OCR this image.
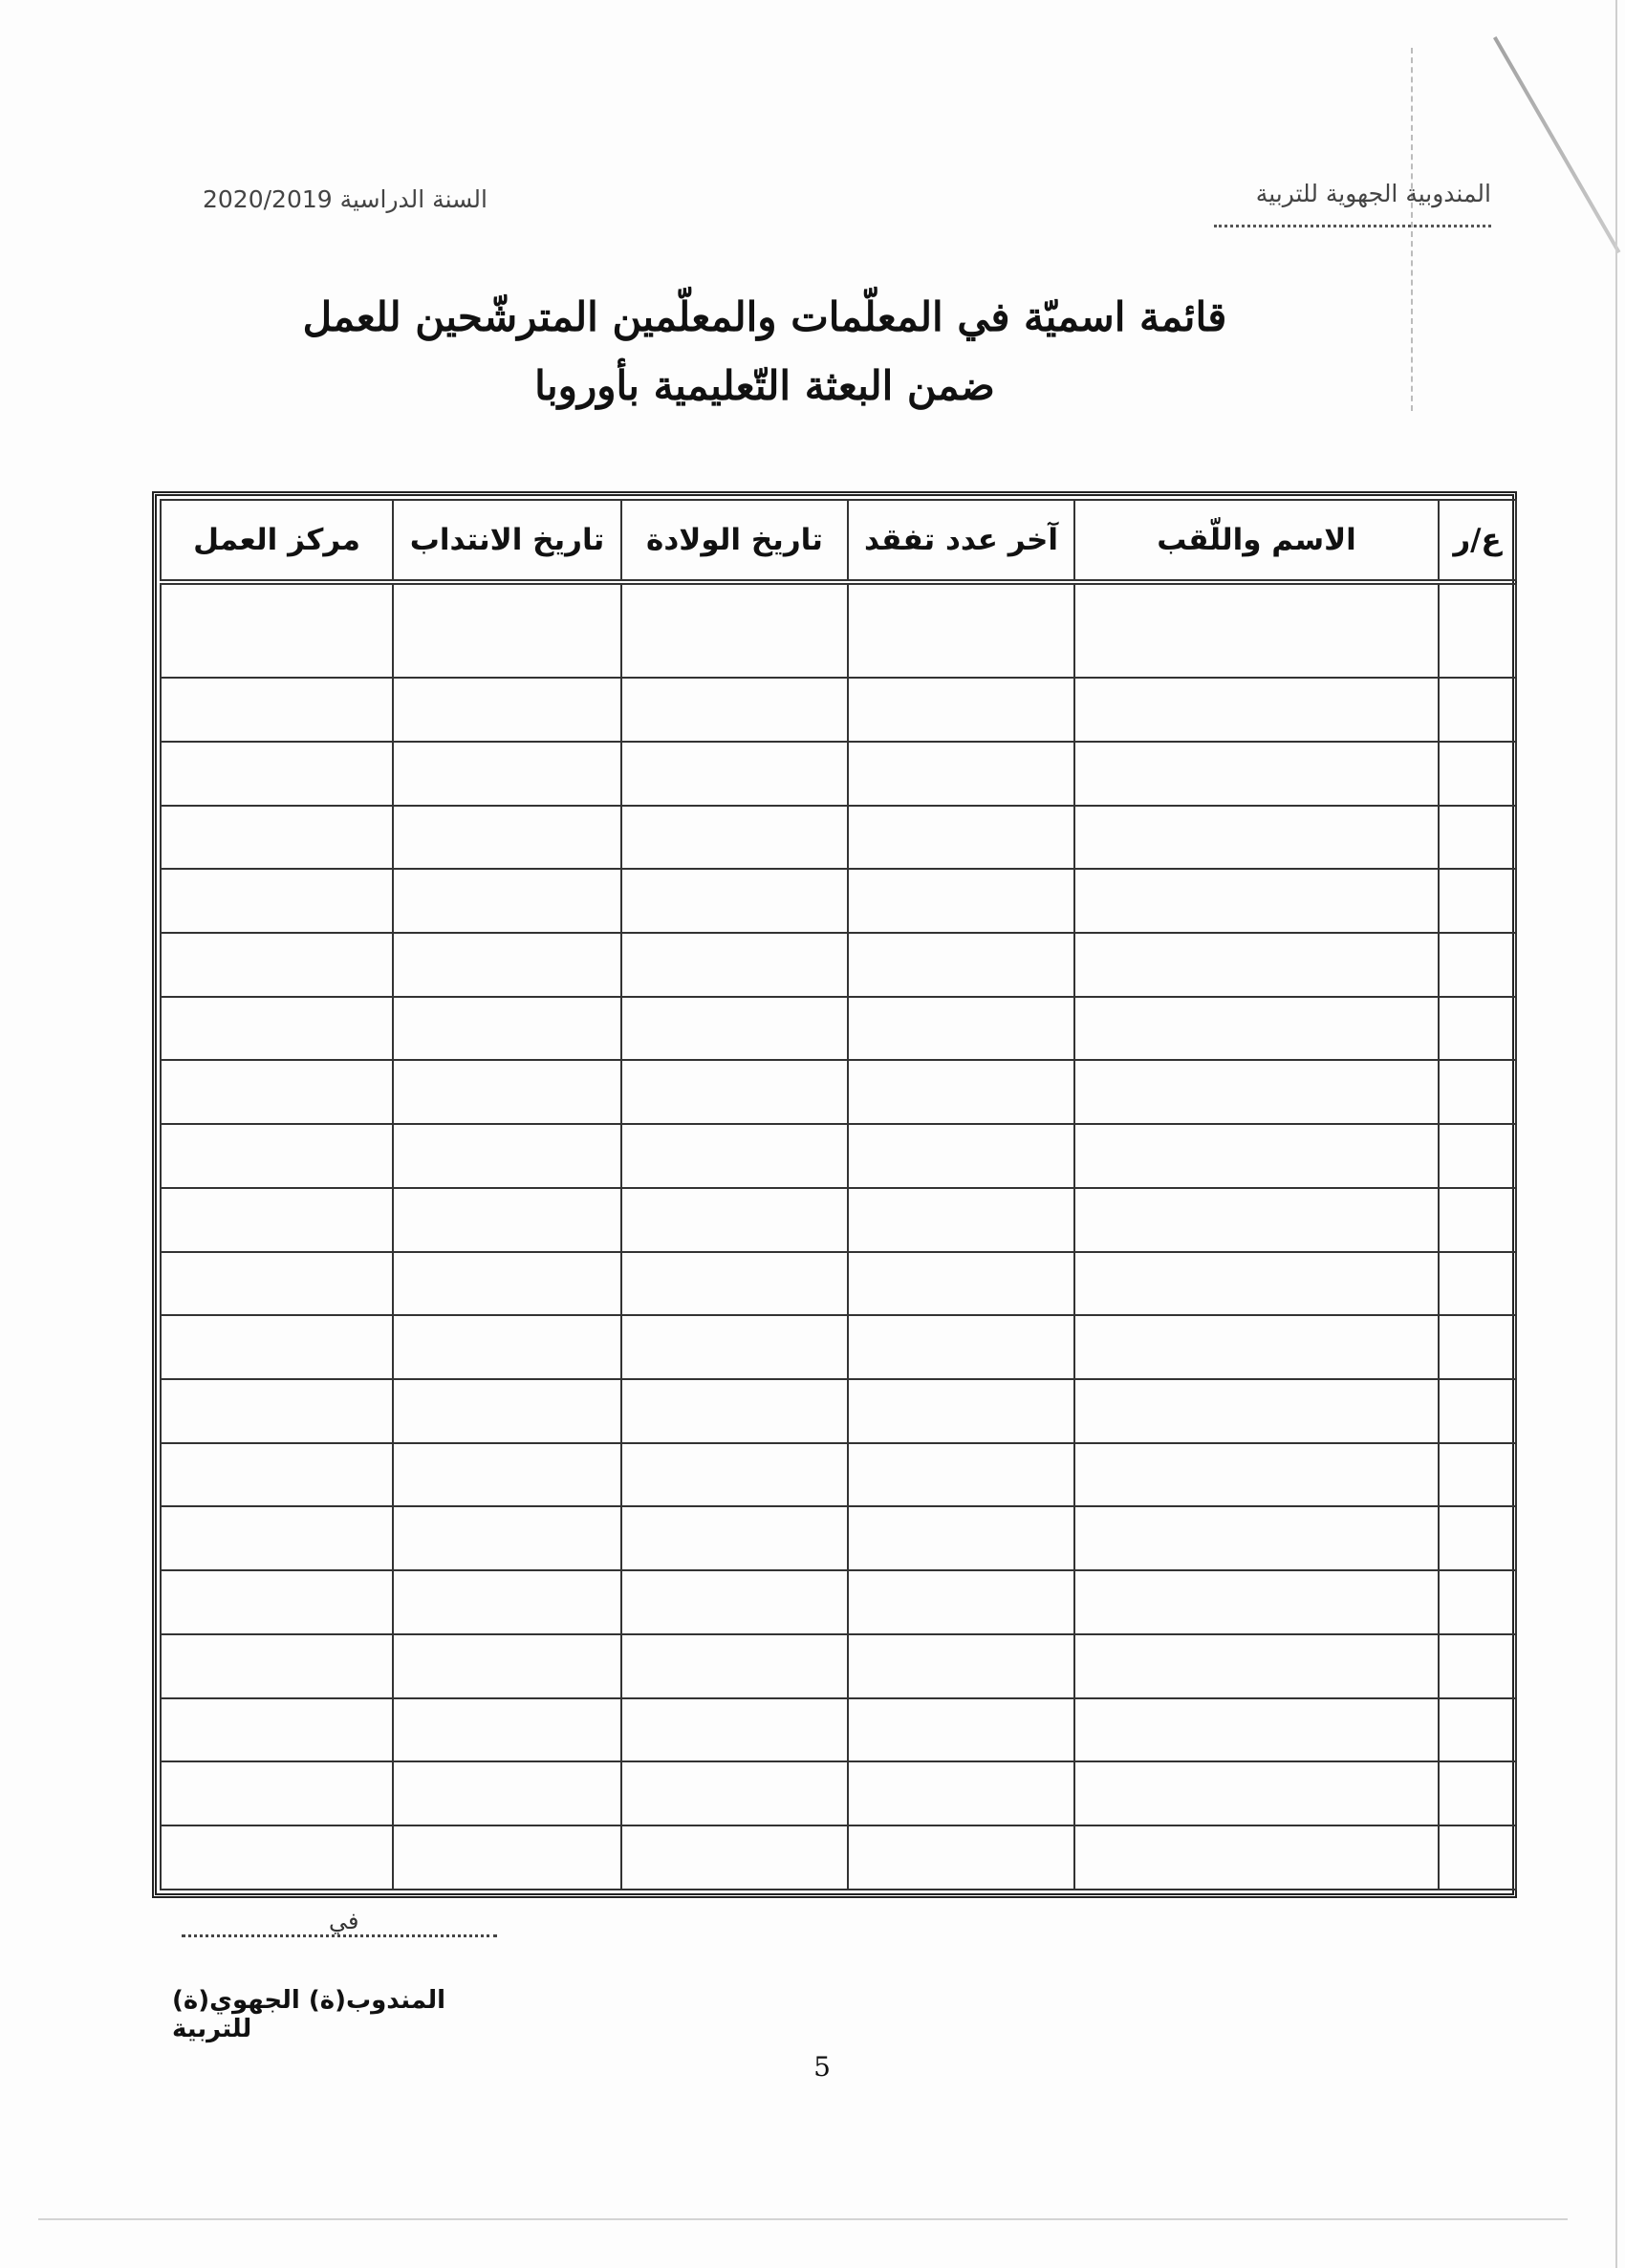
المندوبية الجهوية للتربية
السنة الدراسية 2020/2019
قائمة اسميّة في المعلّمات والمعلّمين المترشّحين للعمل
ضمن البعثة التّعليمية بأوروبا
ع/ر	الاسم واللّقب	آخر عدد تفقد	تاريخ الولادة	تاريخ الانتداب	مركز العمل

في
المندوب(ة) الجهوي(ة) للتربية
5
